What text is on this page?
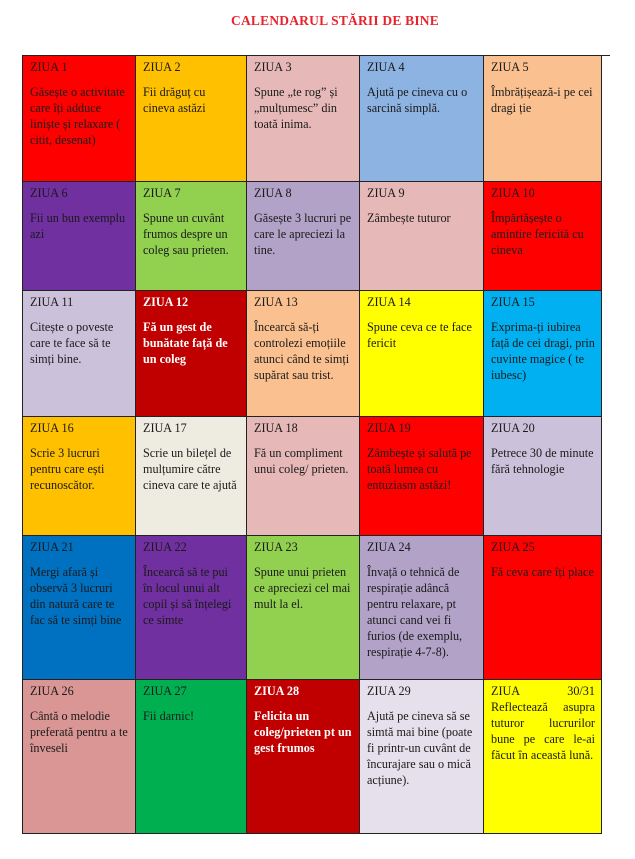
CALENDARUL STĂRII DE BINE
ZIUA 1
Găsește o activitate care îți adduce liniște și relaxare ( citit, desenat)
ZIUA 2
Fii drăguț cu cineva astăzi
ZIUA 3
Spune „te rog” și „mulțumesc” din toată inima.
ZIUA 4
Ajută pe cineva cu o sarcină simplă.
ZIUA 5
Îmbrățișează-i pe cei dragi ție
ZIUA 6
Fii un bun exemplu azi
ZIUA 7
Spune un cuvânt frumos despre un coleg sau prieten.
ZIUA 8
Găsește 3 lucruri pe care le apreciezi la tine.
ZIUA 9
Zâmbește tuturor
ZIUA 10
Împărtășește o amintire fericită cu cineva
ZIUA 11
Citește o poveste care te face să te simți bine.
ZIUA 12
Fă un gest de bunătate față de un coleg
ZIUA 13
Încearcă să-ți controlezi emoțiile atunci când te simți supărat sau trist.
ZIUA 14
Spune ceva ce te face fericit
ZIUA 15
Exprima-ți iubirea față de cei dragi, prin cuvinte magice ( te iubesc)
ZIUA 16
Scrie 3 lucruri pentru care ești recunoscător.
ZIUA 17
Scrie un bilețel de mulțumire către cineva care te ajută
ZIUA 18
Fă un compliment unui coleg/ prieten.
ZIUA 19
Zâmbește și salută pe toată lumea cu entuziasm astăzi!
ZIUA 20
Petrece 30 de minute fără tehnologie
ZIUA 21
Mergi afară și observă 3 lucruri din natură care te fac să te simți bine
ZIUA 22
Încearcă să te pui în locul unui alt copil și să înțelegi ce simte
ZIUA 23
Spune unui prieten ce apreciezi cel mai mult la el.
ZIUA 24
Învață o tehnică de respirație adâncă pentru relaxare, pt atunci cand vei fi furios (de exemplu, respirație 4-7-8).
ZIUA 25
Fă ceva care îți place
ZIUA 26
Cântă o melodie preferată pentru a te înveseli
ZIUA 27
Fii darnic!
ZIUA 28
Felicita un coleg/prieten pt un gest frumos
ZIUA 29
Ajută pe cineva să se simtă mai bine (poate fi printr-un cuvânt de încurajare sau o mică acțiune).
ZIUA	30/31
Reflectează asupra tuturor lucrurilor bune pe care le-ai făcut în această lună.
